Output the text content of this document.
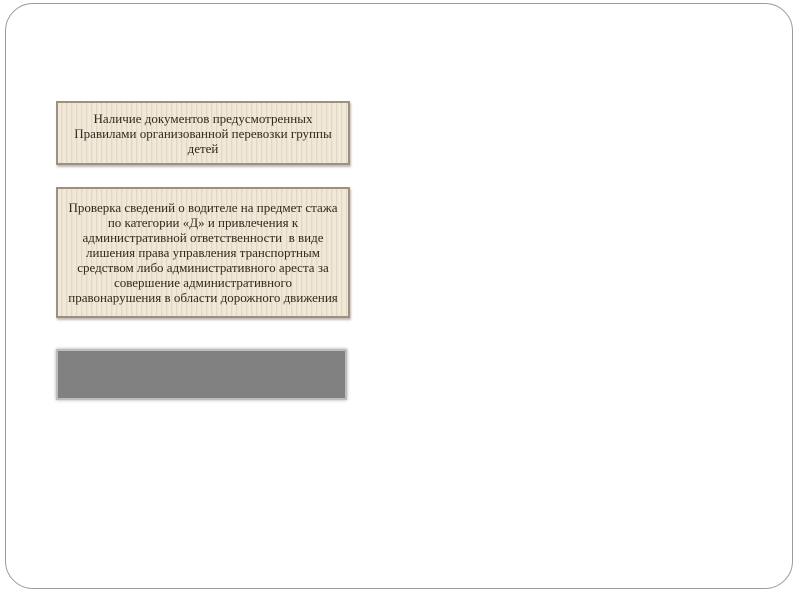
Наличие документов предусмотренных Правилами организованной перевозки группы детей
Проверка сведений о водителе на предмет стажа по категории «Д» и привлечения к административной ответственности  в виде лишения права управления транспортным средством либо административного ареста за совершение административного правонарушения в области дорожного движения
